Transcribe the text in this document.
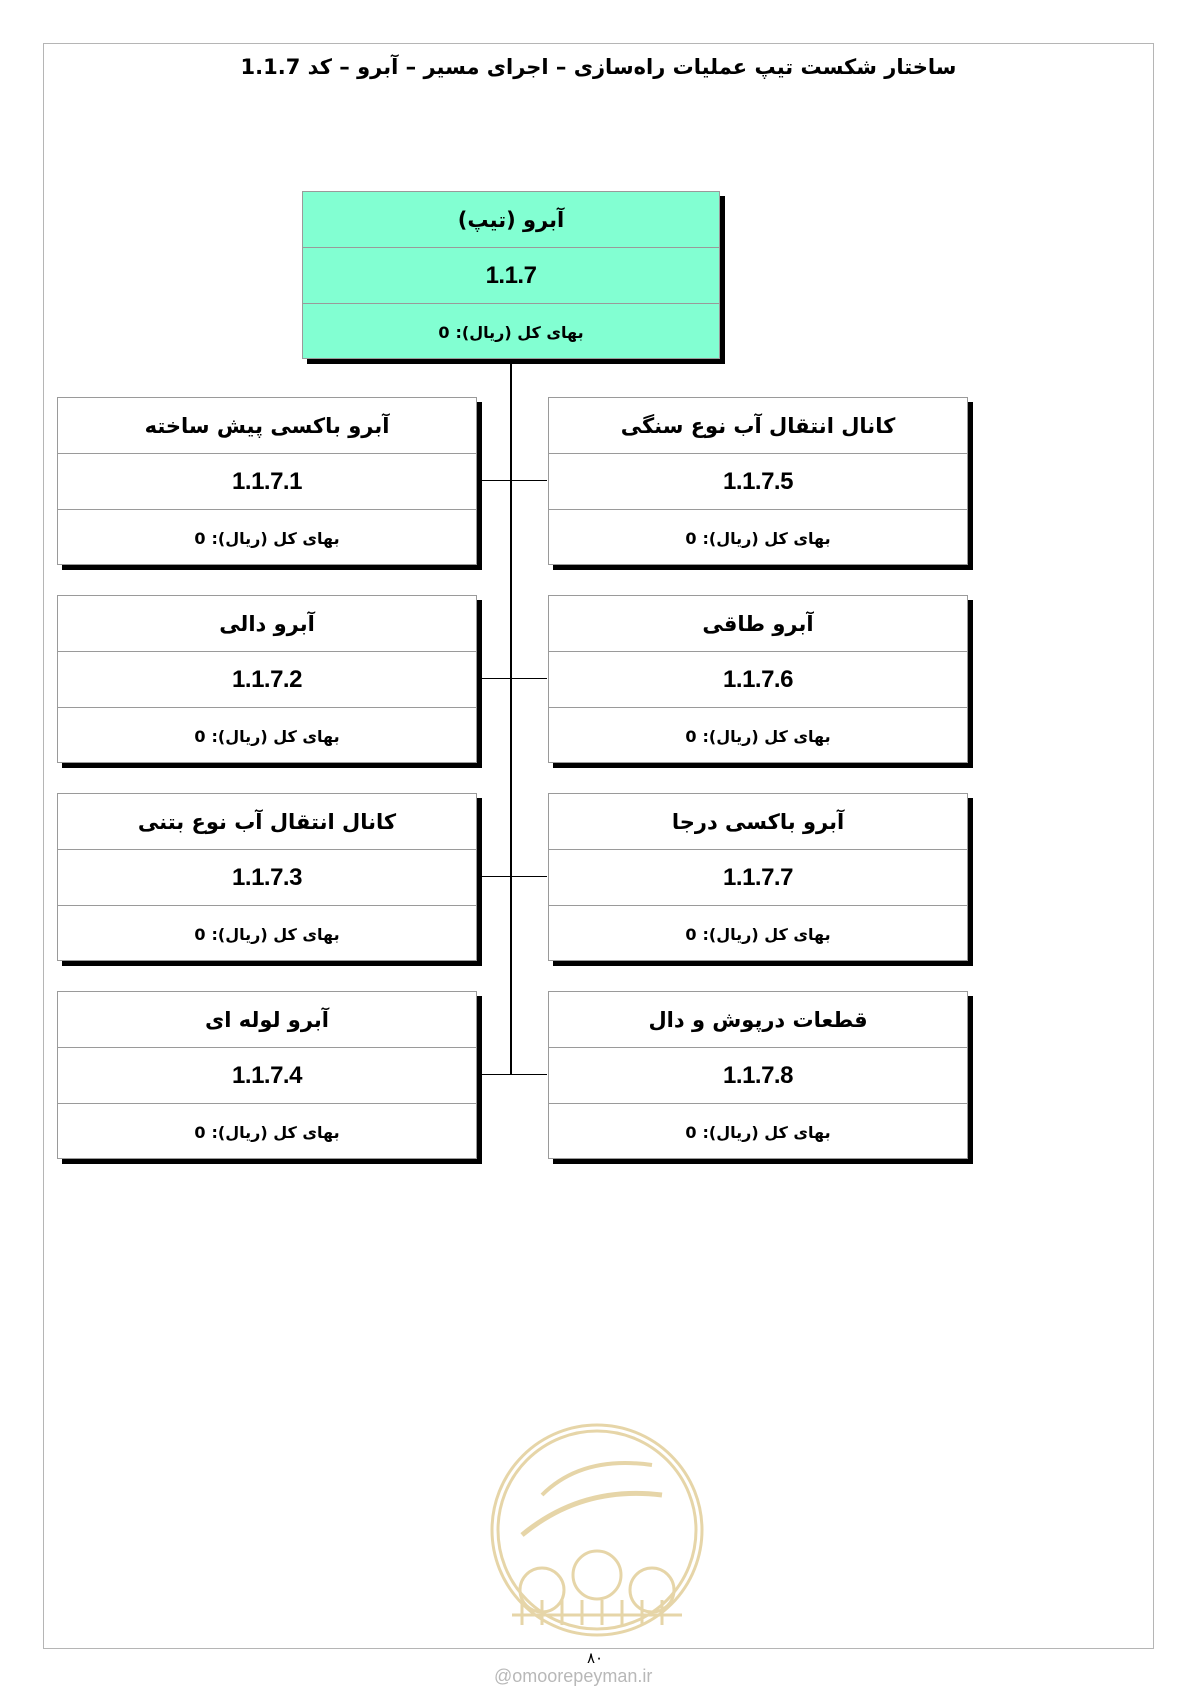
ساختار شکست تیپ عملیات راه‌سازی – اجرای مسیر – آبرو – کد 1.1.7
آبرو (تیپ)
1.1.7
بهای کل (ریال):0
آبرو باکسی پیش ساخته
1.1.7.1
بهای کل (ریال):0
آبرو دالی
1.1.7.2
بهای کل (ریال):0
کانال انتقال آب نوع بتنی
1.1.7.3
بهای کل (ریال):0
آبرو لوله ای
1.1.7.4
بهای کل (ریال):0
کانال انتقال آب نوع سنگی
1.1.7.5
بهای کل (ریال):0
آبرو طاقی
1.1.7.6
بهای کل (ریال):0
آبرو باکسی درجا
1.1.7.7
بهای کل (ریال):0
قطعات درپوش و دال
1.1.7.8
بهای کل (ریال):0
۸۰
@omoorepeyman.ir
